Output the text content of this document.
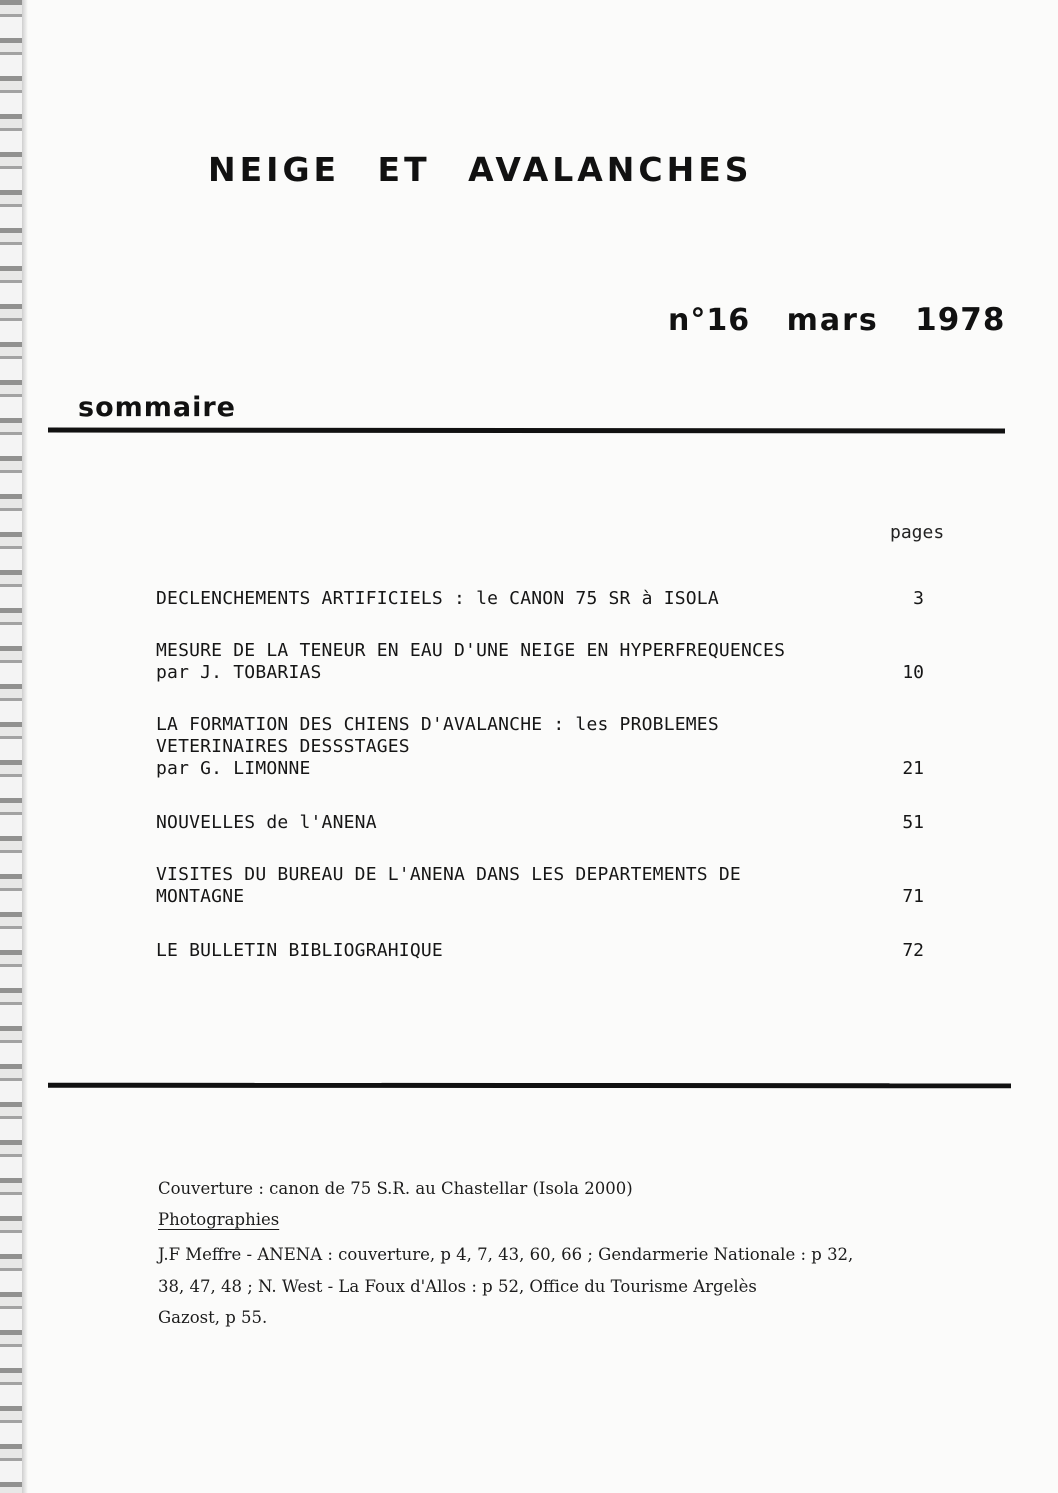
NEIGE ET AVALANCHES
n°16 mars 1978
sommaire
pages
DECLENCHEMENTS ARTIFICIELS : le CANON 75 SR à ISOLA	3
MESURE DE LA TENEUR EN EAU D'UNE NEIGE EN HYPERFREQUENCES
par J. TOBARIAS	10
LA FORMATION DES CHIENS D'AVALANCHE : les PROBLEMES
VETERINAIRES DESSSTAGES
par G. LIMONNE	21
NOUVELLES de l'ANENA	51
VISITES DU BUREAU DE L'ANENA DANS LES DEPARTEMENTS DE
MONTAGNE	71
LE BULLETIN BIBLIOGRAHIQUE	72
Couverture : canon de 75 S.R. au Chastellar (Isola 2000)
Photographies
J.F Meffre - ANENA : couverture, p 4, 7, 43, 60, 66 ; Gendarmerie Nationale : p 32,
38, 47, 48 ; N. West - La Foux d'Allos : p 52, Office du Tourisme Argelès
Gazost, p 55.
